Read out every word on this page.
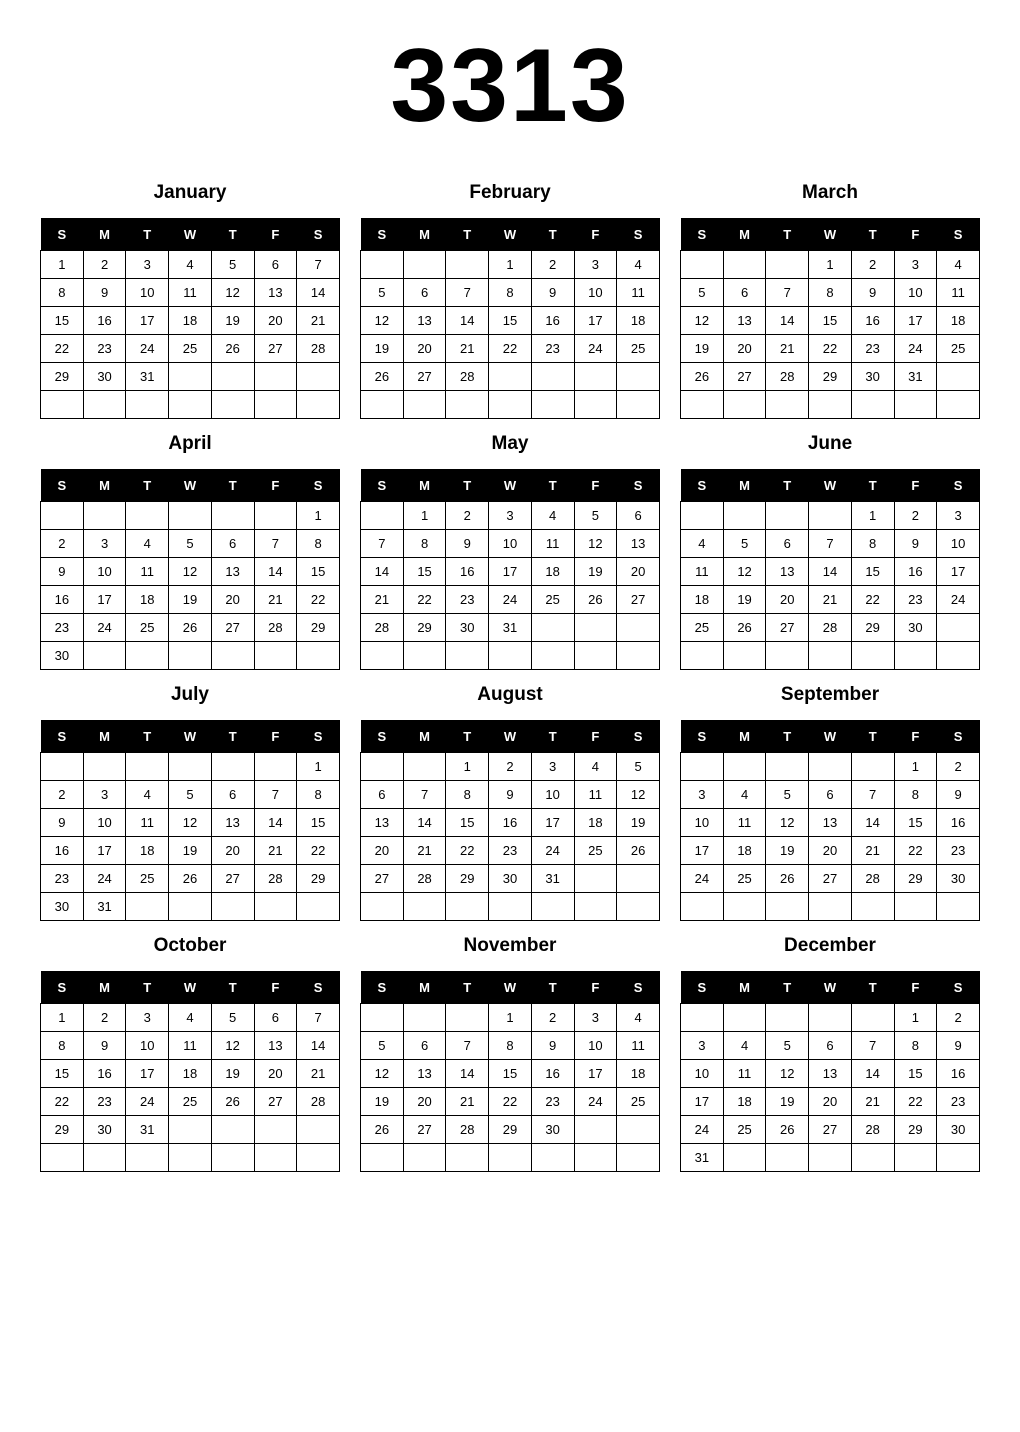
3313
January
S	M	T	W	T	F	S
1	2	3	4	5	6	7
8	9	10	11	12	13	14
15	16	17	18	19	20	21
22	23	24	25	26	27	28
29	30	31				

February
S	M	T	W	T	F	S
			1	2	3	4
5	6	7	8	9	10	11
12	13	14	15	16	17	18
19	20	21	22	23	24	25
26	27	28				

March
S	M	T	W	T	F	S
			1	2	3	4
5	6	7	8	9	10	11
12	13	14	15	16	17	18
19	20	21	22	23	24	25
26	27	28	29	30	31	

April
S	M	T	W	T	F	S
						1
2	3	4	5	6	7	8
9	10	11	12	13	14	15
16	17	18	19	20	21	22
23	24	25	26	27	28	29
30						
May
S	M	T	W	T	F	S
	1	2	3	4	5	6
7	8	9	10	11	12	13
14	15	16	17	18	19	20
21	22	23	24	25	26	27
28	29	30	31			

June
S	M	T	W	T	F	S
				1	2	3
4	5	6	7	8	9	10
11	12	13	14	15	16	17
18	19	20	21	22	23	24
25	26	27	28	29	30	

July
S	M	T	W	T	F	S
						1
2	3	4	5	6	7	8
9	10	11	12	13	14	15
16	17	18	19	20	21	22
23	24	25	26	27	28	29
30	31					
August
S	M	T	W	T	F	S
		1	2	3	4	5
6	7	8	9	10	11	12
13	14	15	16	17	18	19
20	21	22	23	24	25	26
27	28	29	30	31		

September
S	M	T	W	T	F	S
					1	2
3	4	5	6	7	8	9
10	11	12	13	14	15	16
17	18	19	20	21	22	23
24	25	26	27	28	29	30

October
S	M	T	W	T	F	S
1	2	3	4	5	6	7
8	9	10	11	12	13	14
15	16	17	18	19	20	21
22	23	24	25	26	27	28
29	30	31				

November
S	M	T	W	T	F	S
			1	2	3	4
5	6	7	8	9	10	11
12	13	14	15	16	17	18
19	20	21	22	23	24	25
26	27	28	29	30		

December
S	M	T	W	T	F	S
					1	2
3	4	5	6	7	8	9
10	11	12	13	14	15	16
17	18	19	20	21	22	23
24	25	26	27	28	29	30
31						
